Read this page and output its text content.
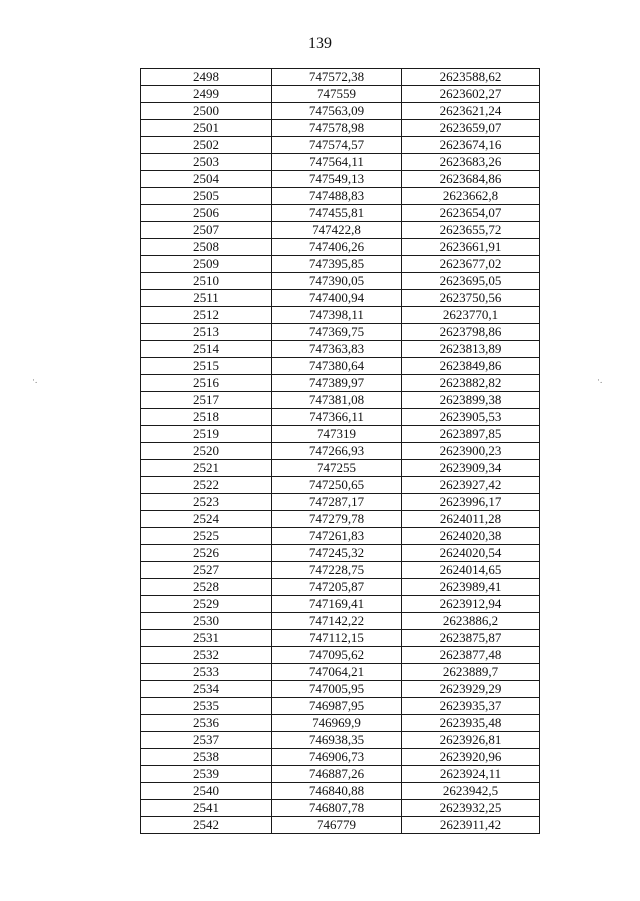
139
2498	747572,38	2623588,62
2499	747559	2623602,27
2500	747563,09	2623621,24
2501	747578,98	2623659,07
2502	747574,57	2623674,16
2503	747564,11	2623683,26
2504	747549,13	2623684,86
2505	747488,83	2623662,8
2506	747455,81	2623654,07
2507	747422,8	2623655,72
2508	747406,26	2623661,91
2509	747395,85	2623677,02
2510	747390,05	2623695,05
2511	747400,94	2623750,56
2512	747398,11	2623770,1
2513	747369,75	2623798,86
2514	747363,83	2623813,89
2515	747380,64	2623849,86
2516	747389,97	2623882,82
2517	747381,08	2623899,38
2518	747366,11	2623905,53
2519	747319	2623897,85
2520	747266,93	2623900,23
2521	747255	2623909,34
2522	747250,65	2623927,42
2523	747287,17	2623996,17
2524	747279,78	2624011,28
2525	747261,83	2624020,38
2526	747245,32	2624020,54
2527	747228,75	2624014,65
2528	747205,87	2623989,41
2529	747169,41	2623912,94
2530	747142,22	2623886,2
2531	747112,15	2623875,87
2532	747095,62	2623877,48
2533	747064,21	2623889,7
2534	747005,95	2623929,29
2535	746987,95	2623935,37
2536	746969,9	2623935,48
2537	746938,35	2623926,81
2538	746906,73	2623920,96
2539	746887,26	2623924,11
2540	746840,88	2623942,5
2541	746807,78	2623932,25
2542	746779	2623911,42
·.	·.
